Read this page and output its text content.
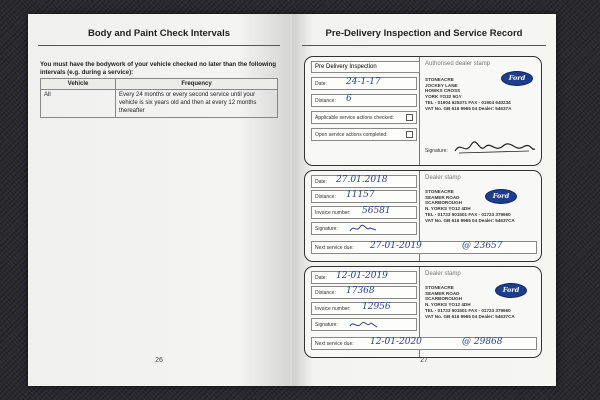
Body and Paint Check Intervals
You must have the bodywork of your vehicle checked no later than the following intervals (e.g. during a service):
Vehicle	Frequency
All	Every 24 months or every second service until your vehicle is six years old and then at every 12 months thereafter
26
Pre-Delivery Inspection and Service Record
Pre Delivery Inspection
Date: 24-1-17
Distance: 6
Applicable service actions checked:
Open service actions completed:
Authorised dealer stamp
STONEACRE
JOCKEY LANE
HOWKS CROSS
YORK YO32 9GY
TEL - 01904 625371 FAX - 01904 640234
VAT No. GB 616 9965 04 Dealer: 54637A
Ford
Signature:
Date: 27.01.2018
Distance: 11157
Invoice number: 56581
Signature:
Next service due: 27-01-2019	@ 23657
Dealer stamp
STONEACRE
SEAMER ROAD
SCARBOROUGH
N. YORKS YO12 4DH
TEL - 01723 501501 FAX - 01723 379660
VAT No. GB 616 9965 04 Dealer: 54637CA
Ford
Date: 12-01-2019
Distance: 17368
Invoice number: 12956
Signature:
Next service due: 12-01-2020	@ 29868
Dealer stamp
STONEACRE
SEAMER ROAD
SCARBOROUGH
N. YORKS YO12 4DH
TEL - 01723 501501 FAX - 01723 379660
VAT No. GB 616 9965 04 Dealer: 54637CA
Ford
27
